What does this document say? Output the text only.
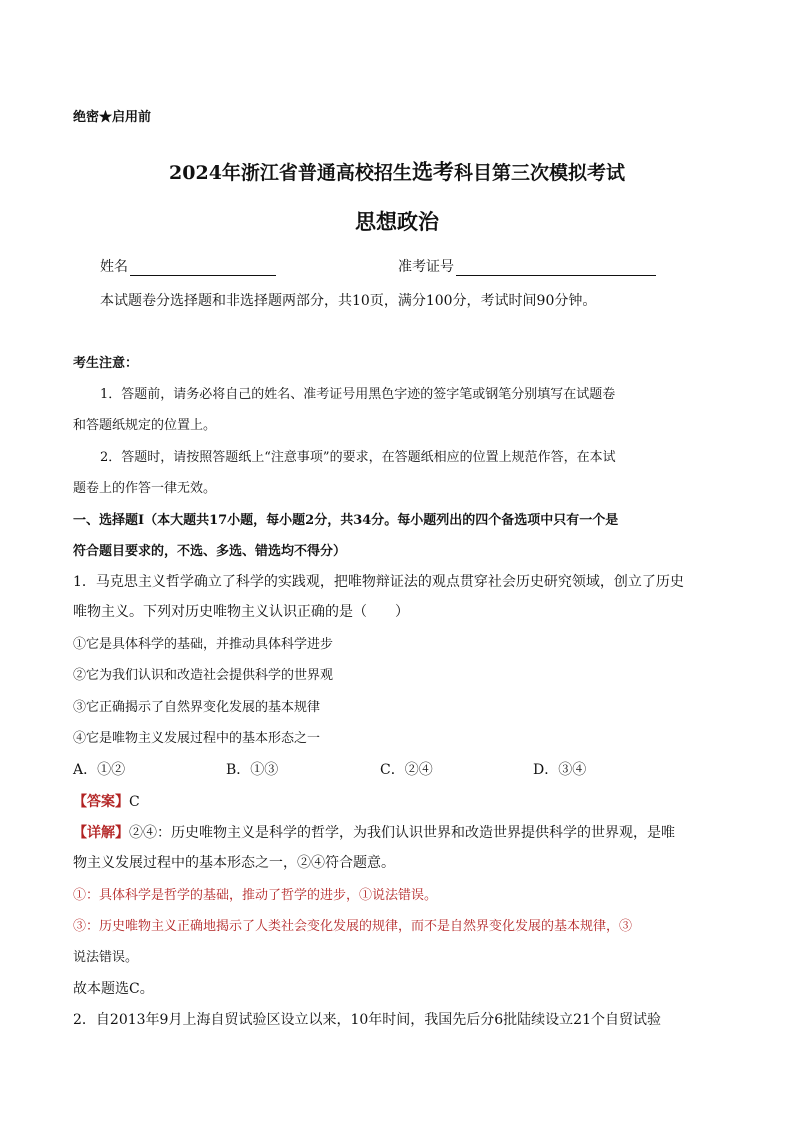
绝密★启用前
2024年浙江省普通高校招生选考科目第三次模拟考试
思想政治
姓名	准考证号
本试题卷分选择题和非选择题两部分，共10页，满分100分，考试时间90分钟。
考生注意：
1．答题前，请务必将自己的姓名、准考证号用黑色字迹的签字笔或钢笔分别填写在试题卷
和答题纸规定的位置上。
2．答题时，请按照答题纸上“注意事项”的要求，在答题纸相应的位置上规范作答，在本试
题卷上的作答一律无效。
一、选择题Ⅰ（本大题共17小题，每小题2分，共34分。每小题列出的四个备选项中只有一个是
符合题目要求的，不选、多选、错选均不得分）
1．马克思主义哲学确立了科学的实践观，把唯物辩证法的观点贯穿社会历史研究领域，创立了历史
唯物主义。下列对历史唯物主义认识正确的是（　　）
①它是具体科学的基础，并推动具体科学进步
②它为我们认识和改造社会提供科学的世界观
③它正确揭示了自然界变化发展的基本规律
④它是唯物主义发展过程中的基本形态之一
A．①②	B．①③	C．②④	D．③④
【答案】C
【详解】②④：历史唯物主义是科学的哲学，为我们认识世界和改造世界提供科学的世界观，是唯
物主义发展过程中的基本形态之一，②④符合题意。
①：具体科学是哲学的基础，推动了哲学的进步，①说法错误。
③：历史唯物主义正确地揭示了人类社会变化发展的规律，而不是自然界变化发展的基本规律，③
说法错误。
故本题选C。
2．自2013年9月上海自贸试验区设立以来，10年时间，我国先后分6批陆续设立21个自贸试验
